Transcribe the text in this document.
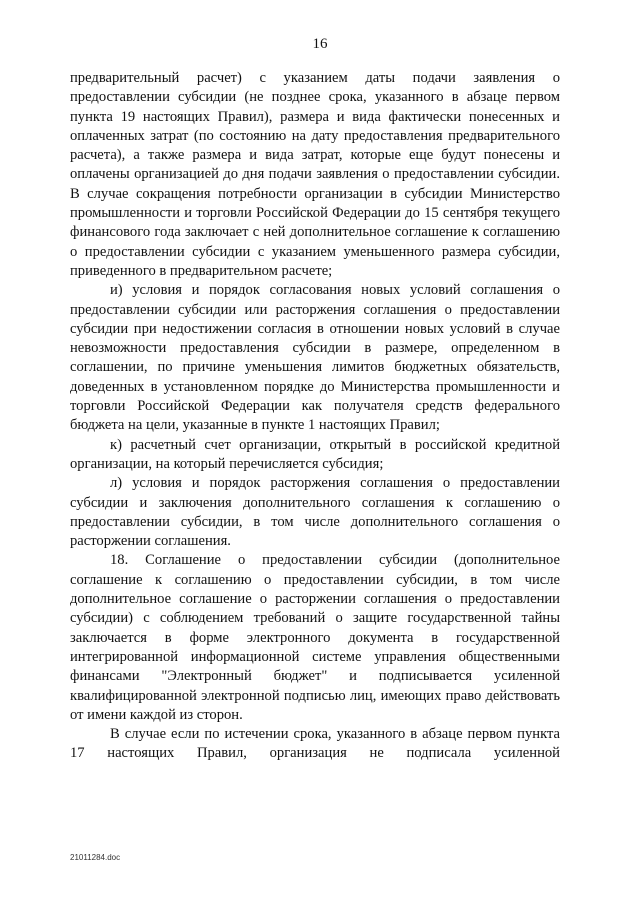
16

предварительный расчет) с указанием даты подачи заявления о предоставлении субсидии (не позднее срока, указанного в абзаце первом пункта 19 настоящих Правил), размера и вида фактически понесенных и оплаченных затрат (по состоянию на дату предоставления предварительного расчета), а также размера и вида затрат, которые еще будут понесены и оплачены организацией до дня подачи заявления о предоставлении субсидии. В случае сокращения потребности организации в субсидии Министерство промышленности и торговли Российской Федерации до 15 сентября текущего финансового года заключает с ней дополнительное соглашение к соглашению о предоставлении субсидии с указанием уменьшенного размера субсидии, приведенного в предварительном расчете;

и) условия и порядок согласования новых условий соглашения о предоставлении субсидии или расторжения соглашения о предоставлении субсидии при недостижении согласия в отношении новых условий в случае невозможности предоставления субсидии в размере, определенном в соглашении, по причине уменьшения лимитов бюджетных обязательств, доведенных в установленном порядке до Министерства промышленности и торговли Российской Федерации как получателя средств федерального бюджета на цели, указанные в пункте 1 настоящих Правил;

к) расчетный счет организации, открытый в российской кредитной организации, на который перечисляется субсидия;

л) условия и порядок расторжения соглашения о предоставлении субсидии и заключения дополнительного соглашения к соглашению о предоставлении субсидии, в том числе дополнительного соглашения о расторжении соглашения.

18. Соглашение о предоставлении субсидии (дополнительное соглашение к соглашению о предоставлении субсидии, в том числе дополнительное соглашение о расторжении соглашения о предоставлении субсидии) с соблюдением требований о защите государственной тайны заключается в форме электронного документа в государственной интегрированной информационной системе управления общественными финансами "Электронный бюджет" и подписывается усиленной квалифицированной электронной подписью лиц, имеющих право действовать от имени каждой из сторон.

В случае если по истечении срока, указанного в абзаце первом пункта 17 настоящих Правил, организация не подписала усиленной

21011284.doc
